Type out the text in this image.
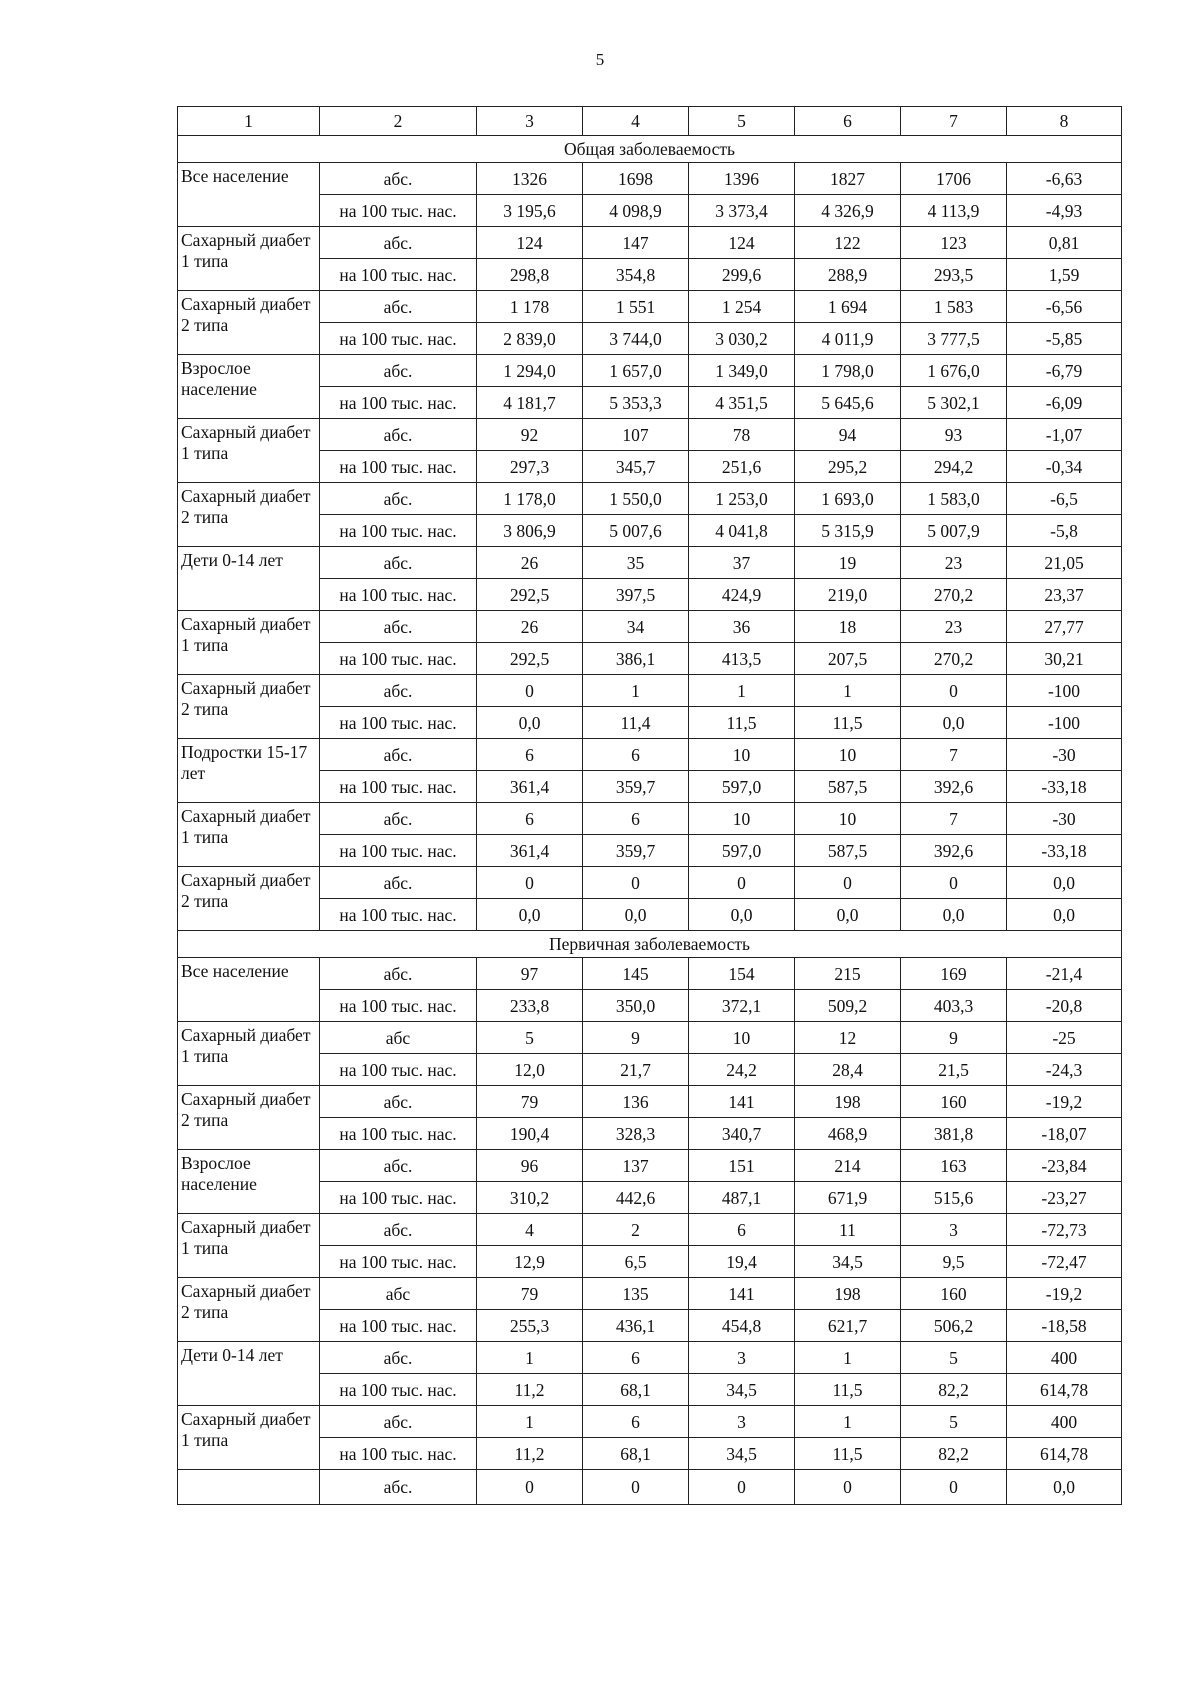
5
1	2	3	4	5	6	7	8
Общая заболеваемость							
Все население	абс.	1326	1698	1396	1827	1706	-6,63
	на 100 тыс. нас.	3 195,6	4 098,9	3 373,4	4 326,9	4 113,9	-4,93
Сахарный диабет 1 типа	абс.	124	147	124	122	123	0,81
	на 100 тыс. нас.	298,8	354,8	299,6	288,9	293,5	1,59
Сахарный диабет 2 типа	абс.	1 178	1 551	1 254	1 694	1 583	-6,56
	на 100 тыс. нас.	2 839,0	3 744,0	3 030,2	4 011,9	3 777,5	-5,85
Взрослое население	абс.	1 294,0	1 657,0	1 349,0	1 798,0	1 676,0	-6,79
	на 100 тыс. нас.	4 181,7	5 353,3	4 351,5	5 645,6	5 302,1	-6,09
Сахарный диабет 1 типа	абс.	92	107	78	94	93	-1,07
	на 100 тыс. нас.	297,3	345,7	251,6	295,2	294,2	-0,34
Сахарный диабет 2 типа	абс.	1 178,0	1 550,0	1 253,0	1 693,0	1 583,0	-6,5
	на 100 тыс. нас.	3 806,9	5 007,6	4 041,8	5 315,9	5 007,9	-5,8
Дети 0-14 лет	абс.	26	35	37	19	23	21,05
	на 100 тыс. нас.	292,5	397,5	424,9	219,0	270,2	23,37
Сахарный диабет 1 типа	абс.	26	34	36	18	23	27,77
	на 100 тыс. нас.	292,5	386,1	413,5	207,5	270,2	30,21
Сахарный диабет 2 типа	абс.	0	1	1	1	0	-100
	на 100 тыс. нас.	0,0	11,4	11,5	11,5	0,0	-100
Подростки 15-17 лет	абс.	6	6	10	10	7	-30
	на 100 тыс. нас.	361,4	359,7	597,0	587,5	392,6	-33,18
Сахарный диабет 1 типа	абс.	6	6	10	10	7	-30
	на 100 тыс. нас.	361,4	359,7	597,0	587,5	392,6	-33,18
Сахарный диабет 2 типа	абс.	0	0	0	0	0	0,0
	на 100 тыс. нас.	0,0	0,0	0,0	0,0	0,0	0,0
Первичная заболеваемость							
Все население	абс.	97	145	154	215	169	-21,4
	на 100 тыс. нас.	233,8	350,0	372,1	509,2	403,3	-20,8
Сахарный диабет 1 типа	абс	5	9	10	12	9	-25
	на 100 тыс. нас.	12,0	21,7	24,2	28,4	21,5	-24,3
Сахарный диабет 2 типа	абс.	79	136	141	198	160	-19,2
	на 100 тыс. нас.	190,4	328,3	340,7	468,9	381,8	-18,07
Взрослое население	абс.	96	137	151	214	163	-23,84
	на 100 тыс. нас.	310,2	442,6	487,1	671,9	515,6	-23,27
Сахарный диабет 1 типа	абс.	4	2	6	11	3	-72,73
	на 100 тыс. нас.	12,9	6,5	19,4	34,5	9,5	-72,47
Сахарный диабет 2 типа	абс	79	135	141	198	160	-19,2
	на 100 тыс. нас.	255,3	436,1	454,8	621,7	506,2	-18,58
Дети 0-14 лет	абс.	1	6	3	1	5	400
	на 100 тыс. нас.	11,2	68,1	34,5	11,5	82,2	614,78
Сахарный диабет 1 типа	абс.	1	6	3	1	5	400
	на 100 тыс. нас.	11,2	68,1	34,5	11,5	82,2	614,78
	абс.	0	0	0	0	0	0,0
